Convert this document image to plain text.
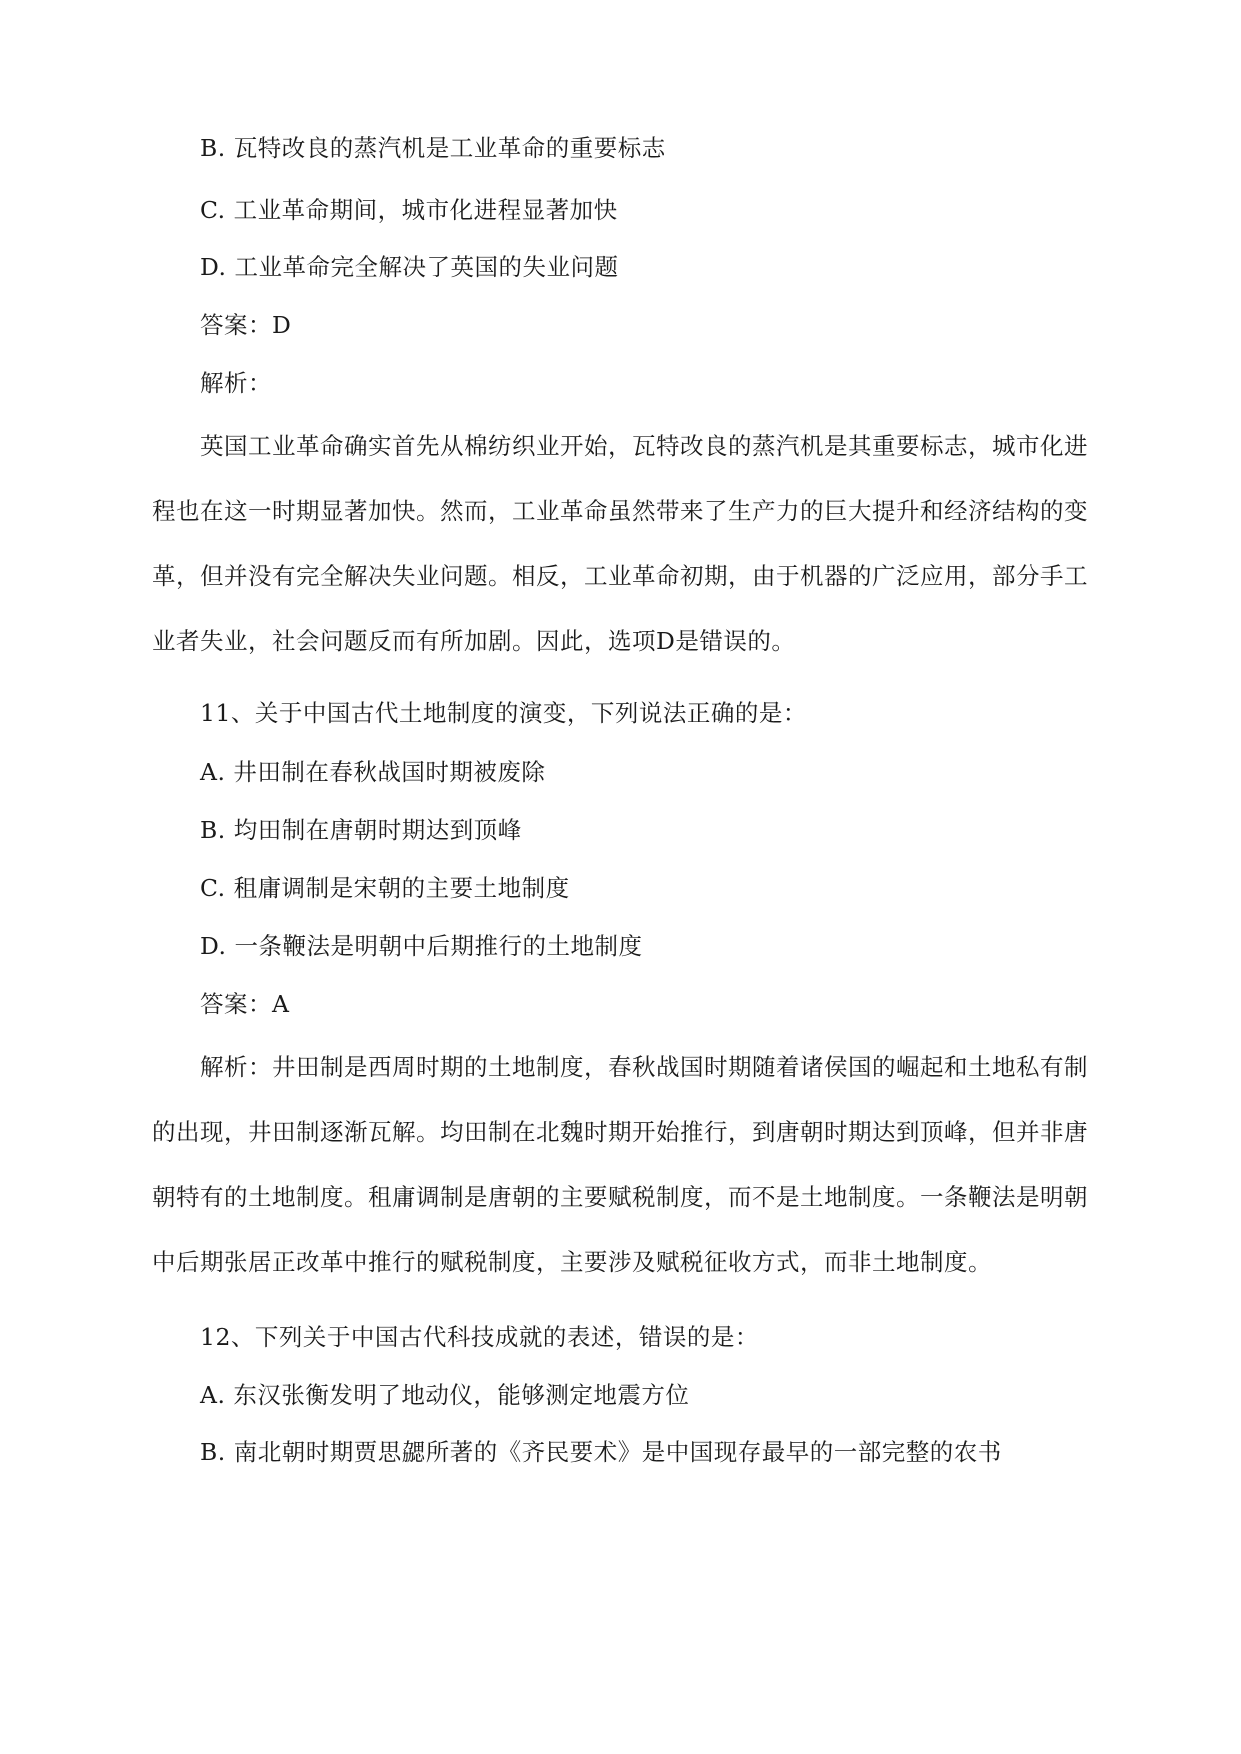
B. 瓦特改良的蒸汽机是工业革命的重要标志
C. 工业革命期间，城市化进程显著加快
D. 工业革命完全解决了英国的失业问题
答案：D
解析：
英国工业革命确实首先从棉纺织业开始，瓦特改良的蒸汽机是其重要标志，城市化进程也在这一时期显著加快。然而，工业革命虽然带来了生产力的巨大提升和经济结构的变革，但并没有完全解决失业问题。相反，工业革命初期，由于机器的广泛应用，部分手工业者失业，社会问题反而有所加剧。因此，选项D是错误的。
11、关于中国古代土地制度的演变，下列说法正确的是：
A. 井田制在春秋战国时期被废除
B. 均田制在唐朝时期达到顶峰
C. 租庸调制是宋朝的主要土地制度
D. 一条鞭法是明朝中后期推行的土地制度
答案：A
解析：井田制是西周时期的土地制度，春秋战国时期随着诸侯国的崛起和土地私有制的出现，井田制逐渐瓦解。均田制在北魏时期开始推行，到唐朝时期达到顶峰，但并非唐朝特有的土地制度。租庸调制是唐朝的主要赋税制度，而不是土地制度。一条鞭法是明朝中后期张居正改革中推行的赋税制度，主要涉及赋税征收方式，而非土地制度。
12、下列关于中国古代科技成就的表述，错误的是：
A. 东汉张衡发明了地动仪，能够测定地震方位
B. 南北朝时期贾思勰所著的《齐民要术》是中国现存最早的一部完整的农书
